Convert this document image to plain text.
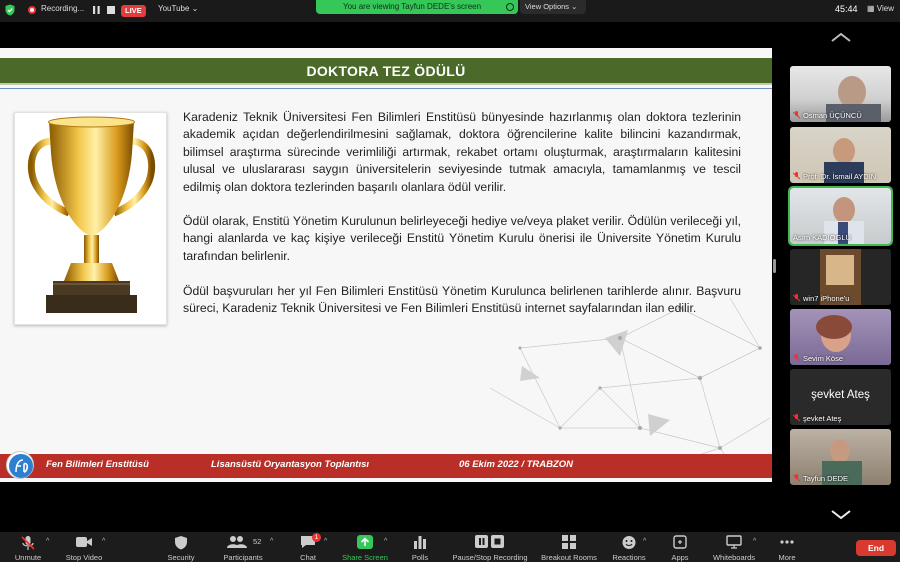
Recording...	LIVE	YouTube ⌄	You are viewing Tayfun DEDE's screen	View Options ⌄	45:44 ▦ View
DOKTORA TEZ ÖDÜLÜ

Karadeniz Teknik Üniversitesi Fen Bilimleri Enstitüsü bünyesinde hazırlanmış olan doktora tezlerinin akademik açıdan değerlendirilmesini sağlamak, doktora öğrencilerine kalite bilincini kazandırmak, bilimsel araştırma sürecinde verimliliği artırmak, rekabet ortamı oluşturmak, araştırmaların kalitesini ulusal ve uluslararası saygın üniversitelerin seviyesinde tutmak amacıyla, tamamlanmış ve tescil edilmiş olan doktora tezlerinden başarılı olanlara ödül verilir.

Ödül olarak, Enstitü Yönetim Kurulunun belirleyeceği hediye ve/veya plaket verilir. Ödülün verileceği yıl, hangi alanlarda ve kaç kişiye verileceği Enstitü Yönetim Kurulu önerisi ile Üniversite Yönetim Kurulu tarafından belirlenir.

Ödül başvuruları her yıl Fen Bilimleri Enstitüsü Yönetim Kurulunca belirlenen tarihlerde alınır. Başvuru süreci, Karadeniz Teknik Üniversitesi ve Fen Bilimleri Enstitüsü internet sayfalarından ilan edilir.

Fen Bilimleri Enstitüsü	Lisansüstü Oryantasyon Toplantısı	06 Ekim 2022 / TRABZON
Osman ÜÇÜNCÜ
Prof. Dr. İsmail AYDIN
Asım KADIOGLU
win7 iPhone'u
Sevim Köse
şevket Ateş
şevket Ateş
Tayfun DEDE
Unmute
^
Stop Video
^
Security
52
Participants
^
1
Chat
^
Share Screen
^
Polls	Pause/Stop Recording	Breakout Rooms	Reactions
^
Apps	Whiteboards
^
More
End
